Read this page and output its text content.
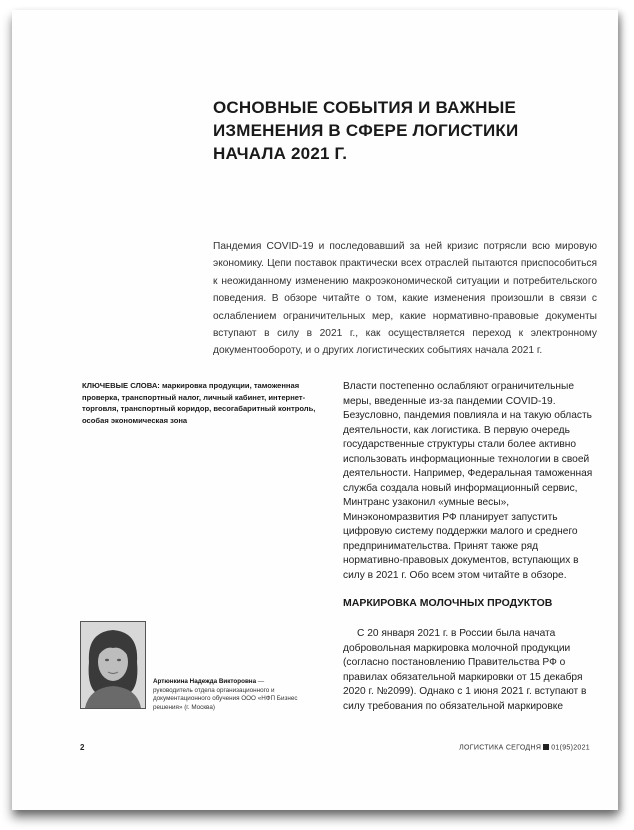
ОСНОВНЫЕ СОБЫТИЯ И ВАЖНЫЕ ИЗМЕНЕНИЯ В СФЕРЕ ЛОГИСТИКИ НАЧАЛА 2021 Г.

Пандемия COVID-19 и последовавший за ней кризис потрясли всю мировую экономику. Цепи поставок практически всех отраслей пытаются приспособиться к неожиданному изменению макроэкономической ситуации и потребительского поведения. В обзоре читайте о том, какие изменения произошли в связи с ослаблением ограничительных мер, какие нормативно-правовые документы вступают в силу в 2021 г., как осуществляется переход к электронному документообороту, и о других логистических событиях начала 2021 г.

КЛЮЧЕВЫЕ СЛОВА: маркировка продукции, таможенная проверка, транспортный налог, личный кабинет, интернет-торговля, транспортный коридор, весогабаритный контроль, особая экономическая зона

Власти постепенно ослабляют ограничительные меры, введенные из-за пандемии COVID-19. Безусловно, пандемия повлияла и на такую область деятельности, как логистика. В первую очередь государственные структуры стали более активно использовать информационные технологии в своей деятельности. Например, Федеральная таможенная служба создала новый информационный сервис, Минтранс узаконил «умные весы», Минэкономразвития РФ планирует запустить цифровую систему поддержки малого и среднего предпринимательства. Принят также ряд нормативно-правовых документов, вступающих в силу в 2021 г. Обо всем этом читайте в обзоре.

МАРКИРОВКА МОЛОЧНЫХ ПРОДУКТОВ

С 20 января 2021 г. в России была начата добровольная маркировка молочной продукции (согласно постановлению Правительства РФ о правилах обязательной маркировки от 15 декабря 2020 г. №2099). Однако с 1 июня 2021 г. вступают в силу требования по обязательной маркировке

Артюнкина Надежда Викторовна — руководитель отдела организационного и документационного обучения ООО «НФП Бизнес решения» (г. Москва)
2	ЛОГИСТИКА СЕГОДНЯ 01(95)2021
